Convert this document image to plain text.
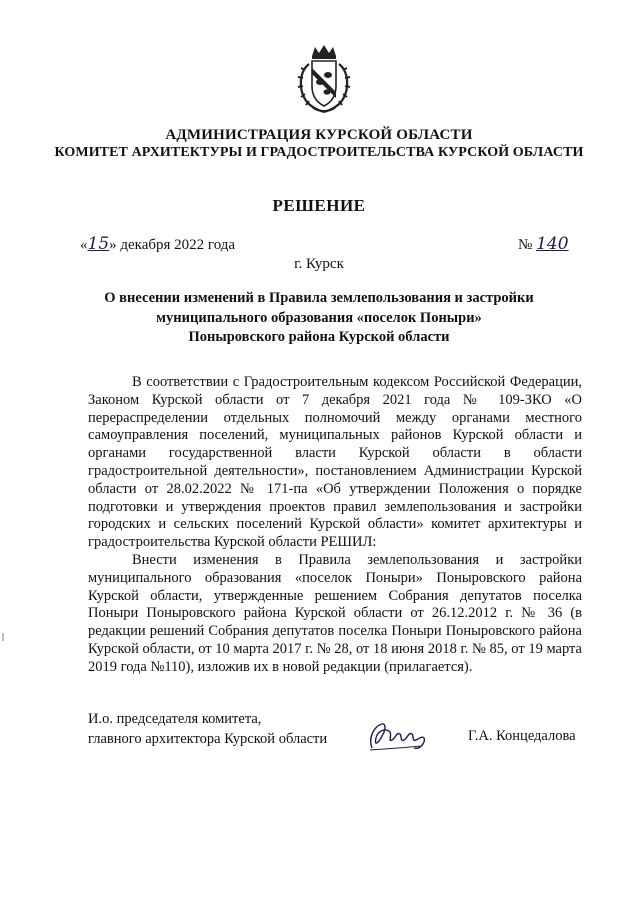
АДМИНИСТРАЦИЯ КУРСКОЙ ОБЛАСТИ
КОМИТЕТ АРХИТЕКТУРЫ И ГРАДОСТРОИТЕЛЬСТВА КУРСКОЙ ОБЛАСТИ
РЕШЕНИЕ
«15» декабря 2022 года	№ 140
г. Курск
О внесении изменений в Правила землепользования и застройки
муниципального образования «поселок Поныри»
Поныровского района Курской области

В соответствии с Градостроительным кодексом Российской Федерации, Законом Курской области от 7 декабря 2021 года № 109-ЗКО «О перераспределении отдельных полномочий между органами местного самоуправления поселений, муниципальных районов Курской области и органами государственной власти Курской области в области градостроительной деятельности», постановлением Администрации Курской области от 28.02.2022 № 171-па «Об утверждении Положения о порядке подготовки и утверждения проектов правил землепользования и застройки городских и сельских поселений Курской области» комитет архитектуры и градостроительства Курской области РЕШИЛ:

Внести изменения в Правила землепользования и застройки муниципального образования «поселок Поныри» Поныровского района Курской области, утвержденные решением Собрания депутатов поселка Поныри Поныровского района Курской области от 26.12.2012 г. № 36 (в редакции решений Собрания депутатов поселка Поныри Поныровского района Курской области, от 10 марта 2017 г. № 28, от 18 июня 2018 г. № 85, от 19 марта 2019 года №110), изложив их в новой редакции (прилагается).

И.о. председателя комитета,
главного архитектора Курской области	Г.А. Концедалова
